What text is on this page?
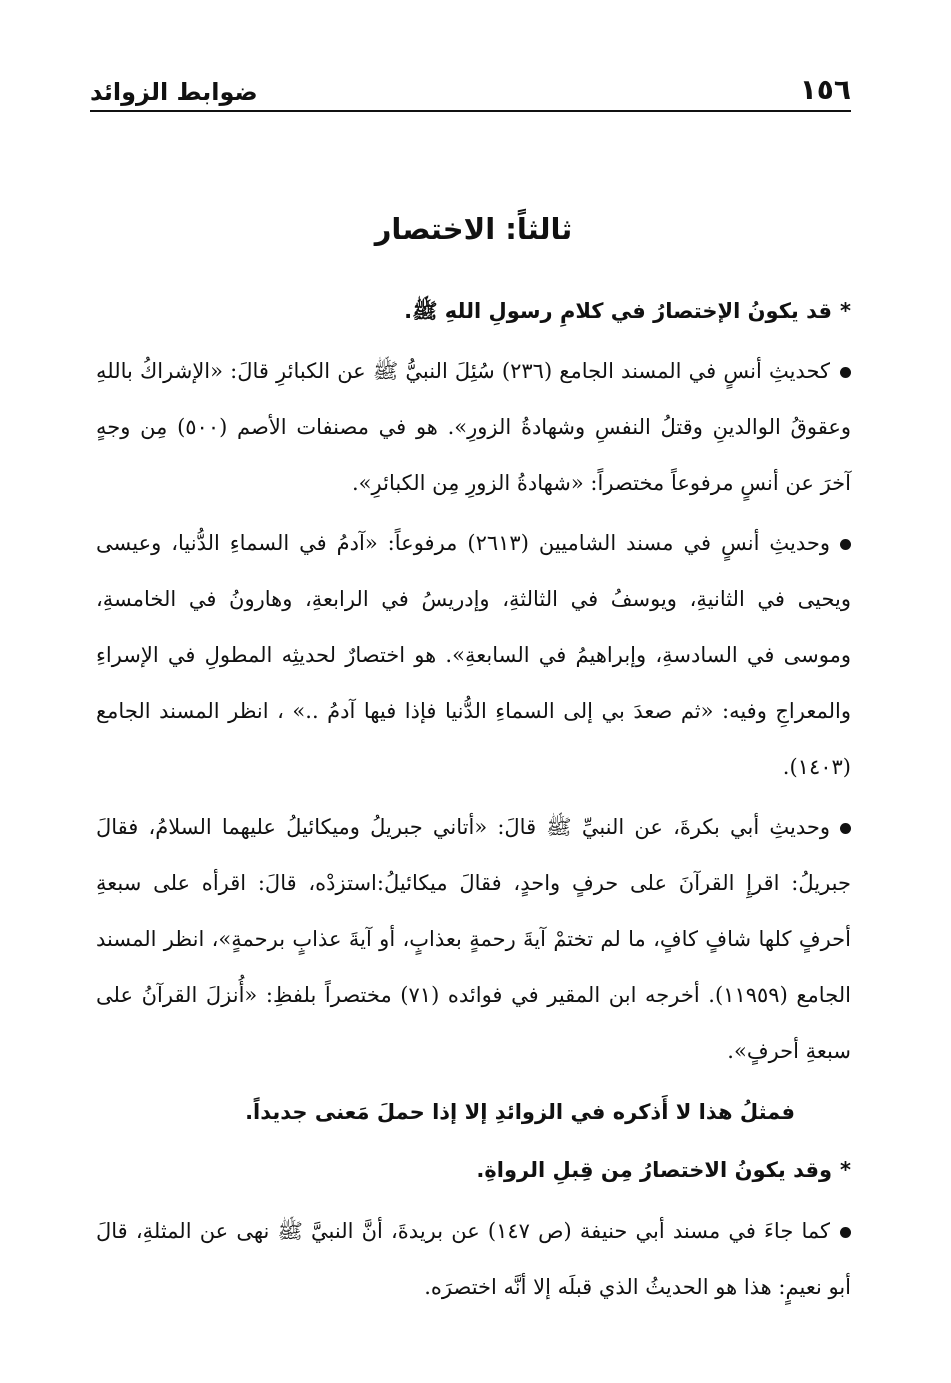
١٥٦
ضوابط الزوائد
ثالثاً: الاختصار

*قد يكونُ الإختصارُ في كلامِ رسولِ اللهِ ﷺ.

كحديثِ أنسٍ في المسند الجامع (٢٣٦) سُئِلَ النبيُّ ﷺ عن الكبائرِ قالَ: «الإشراكُ باللهِ وعقوقُ الوالدينِ وقتلُ النفسِ وشهادةُ الزورِ». هو في مصنفات الأصم (٥٠٠) مِن وجهٍ آخرَ عن أنسٍ مرفوعاً مختصراً: «شهادةُ الزورِ مِن الكبائرِ».

وحديثِ أنسٍ في مسند الشاميين (٢٦١٣) مرفوعاً: «آدمُ في السماءِ الدُّنيا، وعيسى ويحيى في الثانيةِ، ويوسفُ في الثالثةِ، وإدريسُ في الرابعةِ، وهارونُ في الخامسةِ، وموسى في السادسةِ، وإبراهيمُ في السابعةِ». هو اختصارٌ لحديثِه المطولِ في الإسراءِ والمعراجِ وفيه: «ثم صعدَ بي إلى السماءِ الدُّنيا فإذا فيها آدمُ ..» ، انظر المسند الجامع (١٤٠٣).

وحديثِ أبي بكرةَ، عن النبيِّ ﷺ قالَ: «أتاني جبريلُ وميكائيلُ عليهما السلامُ، فقالَ جبريلُ: اقرإِ القرآنَ على حرفٍ واحدٍ، فقالَ ميكائيلُ:استزدْه، قالَ: اقرأه على سبعةِ أحرفٍ كلها شافٍ كافٍ، ما لم تختمْ آيةَ رحمةٍ بعذابٍ، أو آيةَ عذابٍ برحمةٍ»، انظر المسند الجامع (١١٩٥٩). أخرجه ابن المقير في فوائده (٧١) مختصراً بلفظِ: «أُنزلَ القرآنُ على سبعةِ أحرفٍ».

فمثلُ هذا لا أَذكره في الزوائدِ إلا إذا حملَ مَعنى جديداً.

*وقد يكونُ الاختصارُ مِن قِبلِ الرواةِ.

كما جاءَ في مسند أبي حنيفة (ص ١٤٧) عن بريدةَ، أنَّ النبيَّ ﷺ نهى عن المثلةِ، قالَ أبو نعيمٍ: هذا هو الحديثُ الذي قبلَه إلا أنَّه اختصرَه.
